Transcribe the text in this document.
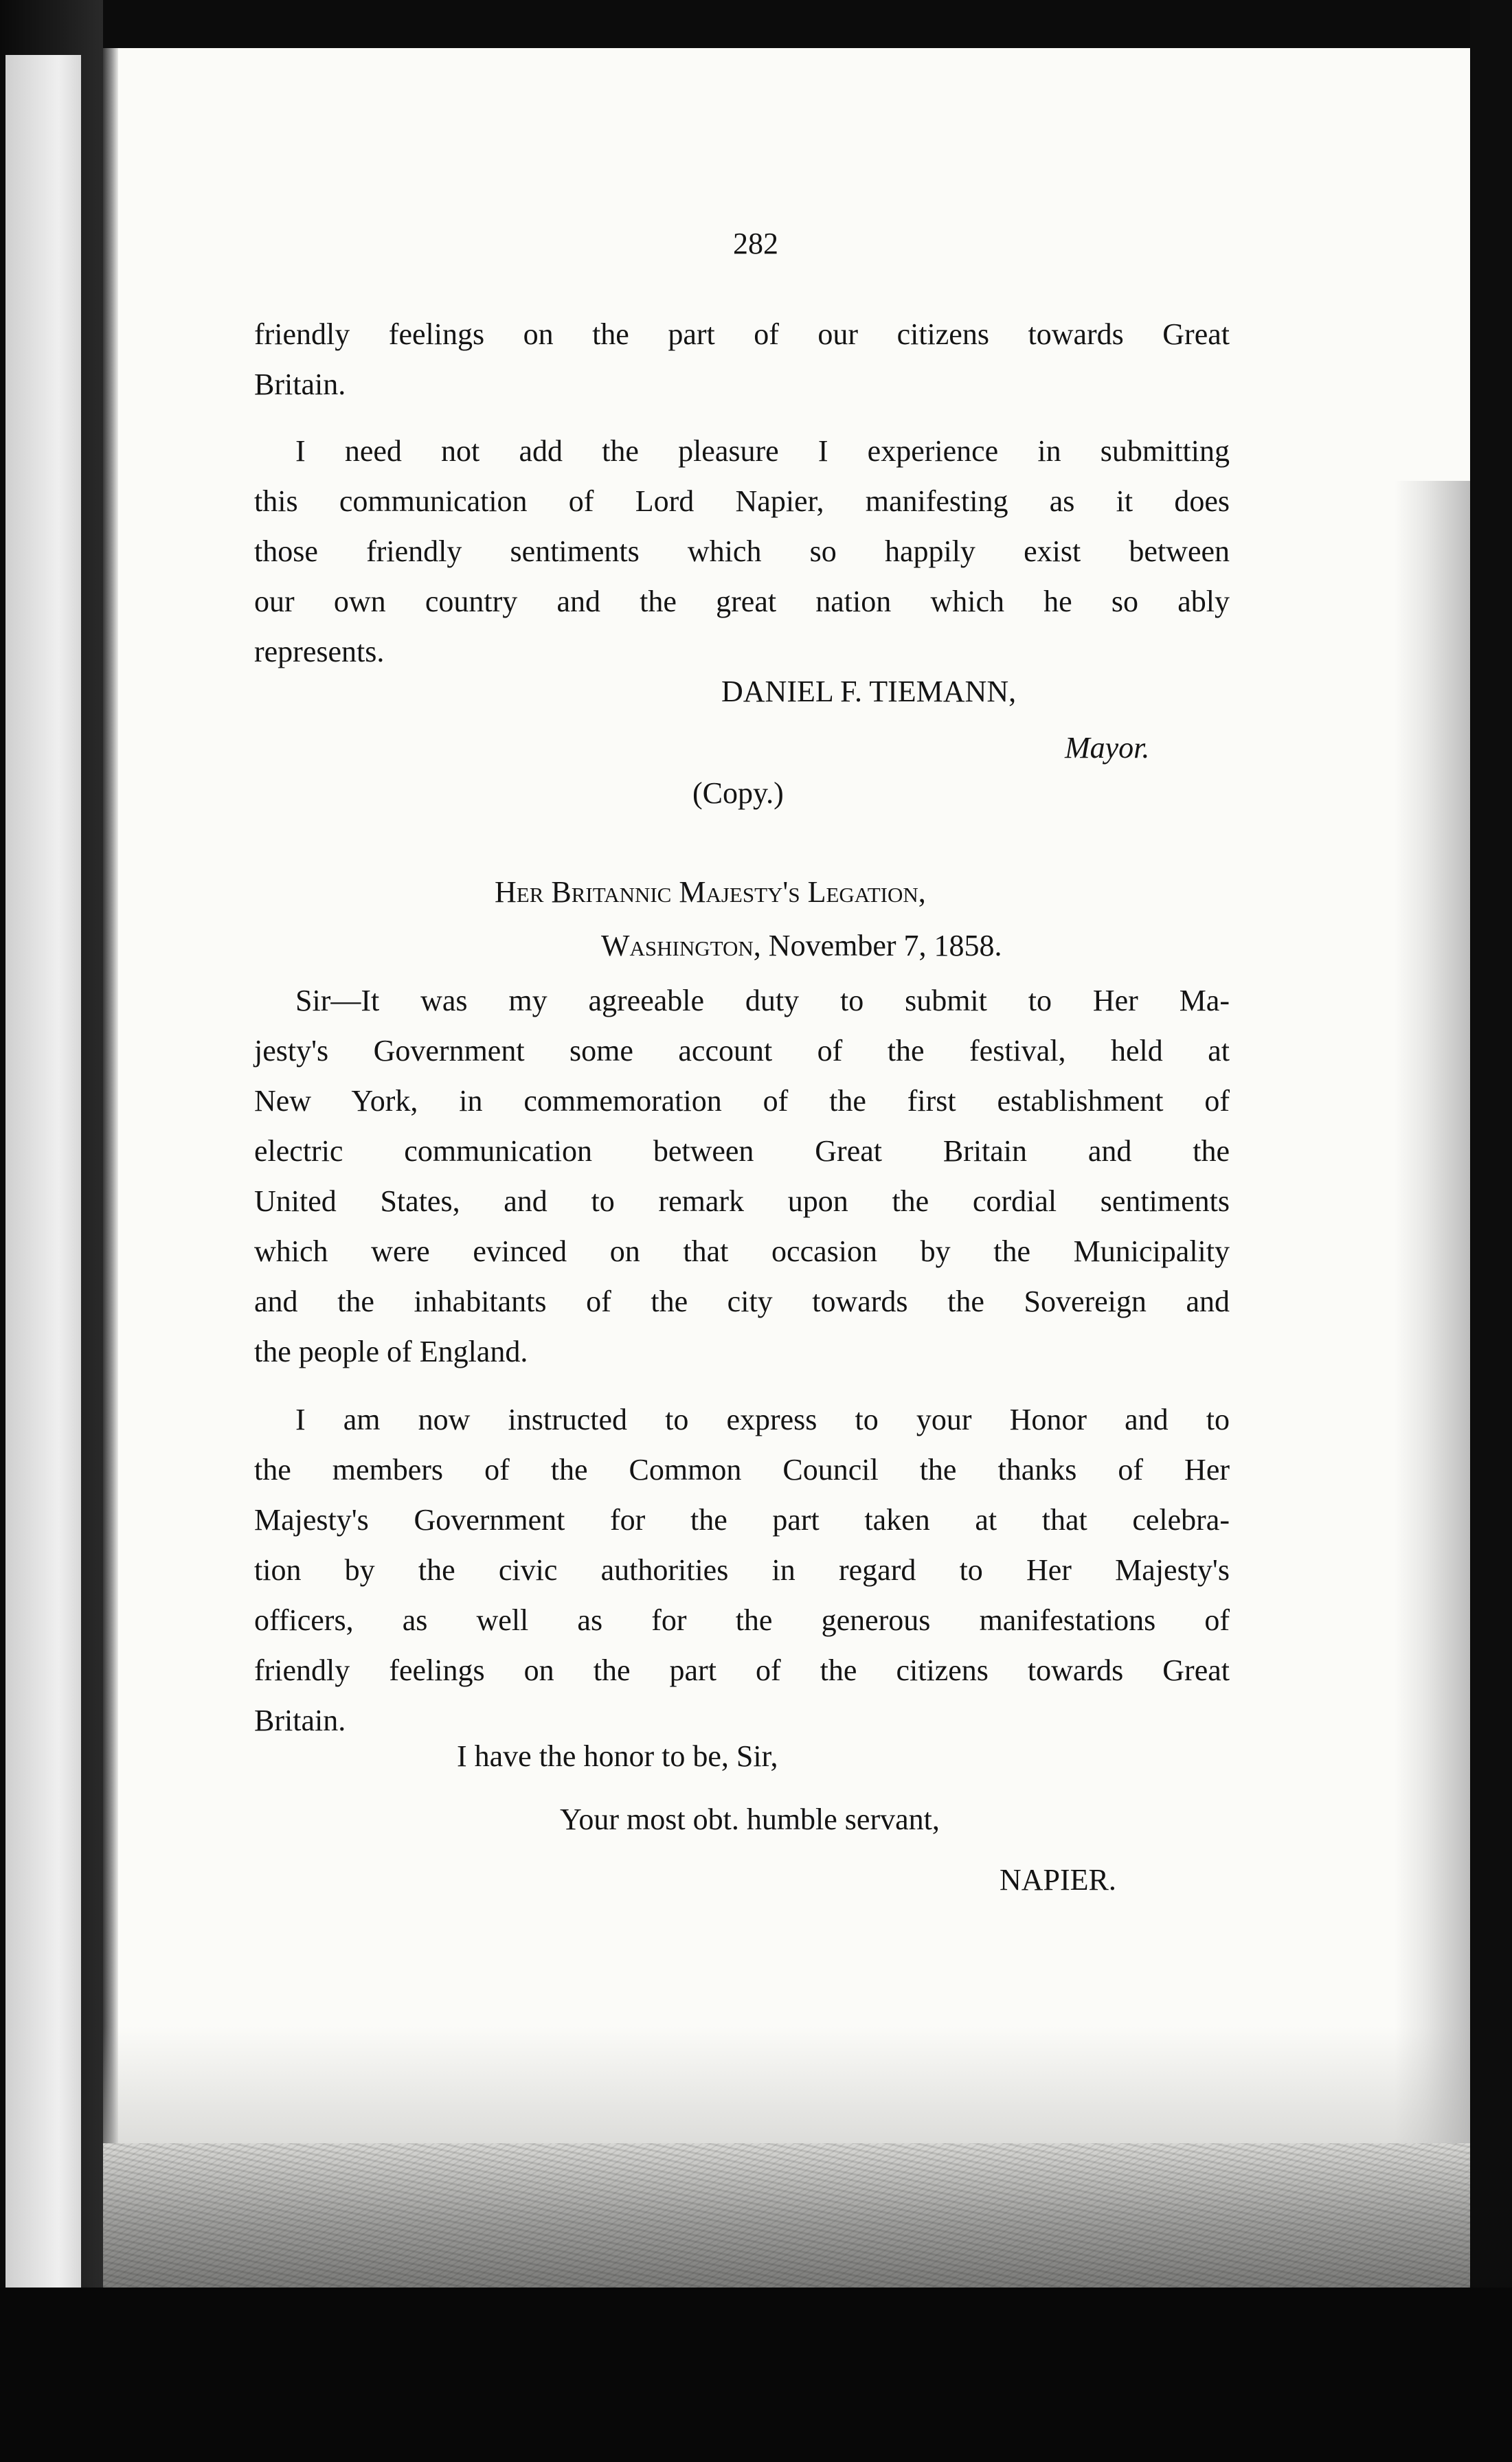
282

friendly feelings on the part of our citizens towards Great
Britain.
I need not add the pleasure I experience in submitting
this communication of Lord Napier, manifesting as it does
those friendly sentiments which so happily exist between
our own country and the great nation which he so ably
represents.

DANIEL F. TIEMANN,

Mayor.

(Copy.)

Her Britannic Majesty's Legation,

Washington, November 7, 1858.

Sir—It was my agreeable duty to submit to Her Ma-
jesty's Government some account of the festival, held at
New York, in commemoration of the first establishment of
electric communication between Great Britain and the
United States, and to remark upon the cordial sentiments
which were evinced on that occasion by the Municipality
and the inhabitants of the city towards the Sovereign and
the people of England.
I am now instructed to express to your Honor and to
the members of the Common Council the thanks of Her
Majesty's Government for the part taken at that celebra-
tion by the civic authorities in regard to Her Majesty's
officers, as well as for the generous manifestations of
friendly feelings on the part of the citizens towards Great
Britain.

I have the honor to be, Sir,

Your most obt. humble servant,

NAPIER.
